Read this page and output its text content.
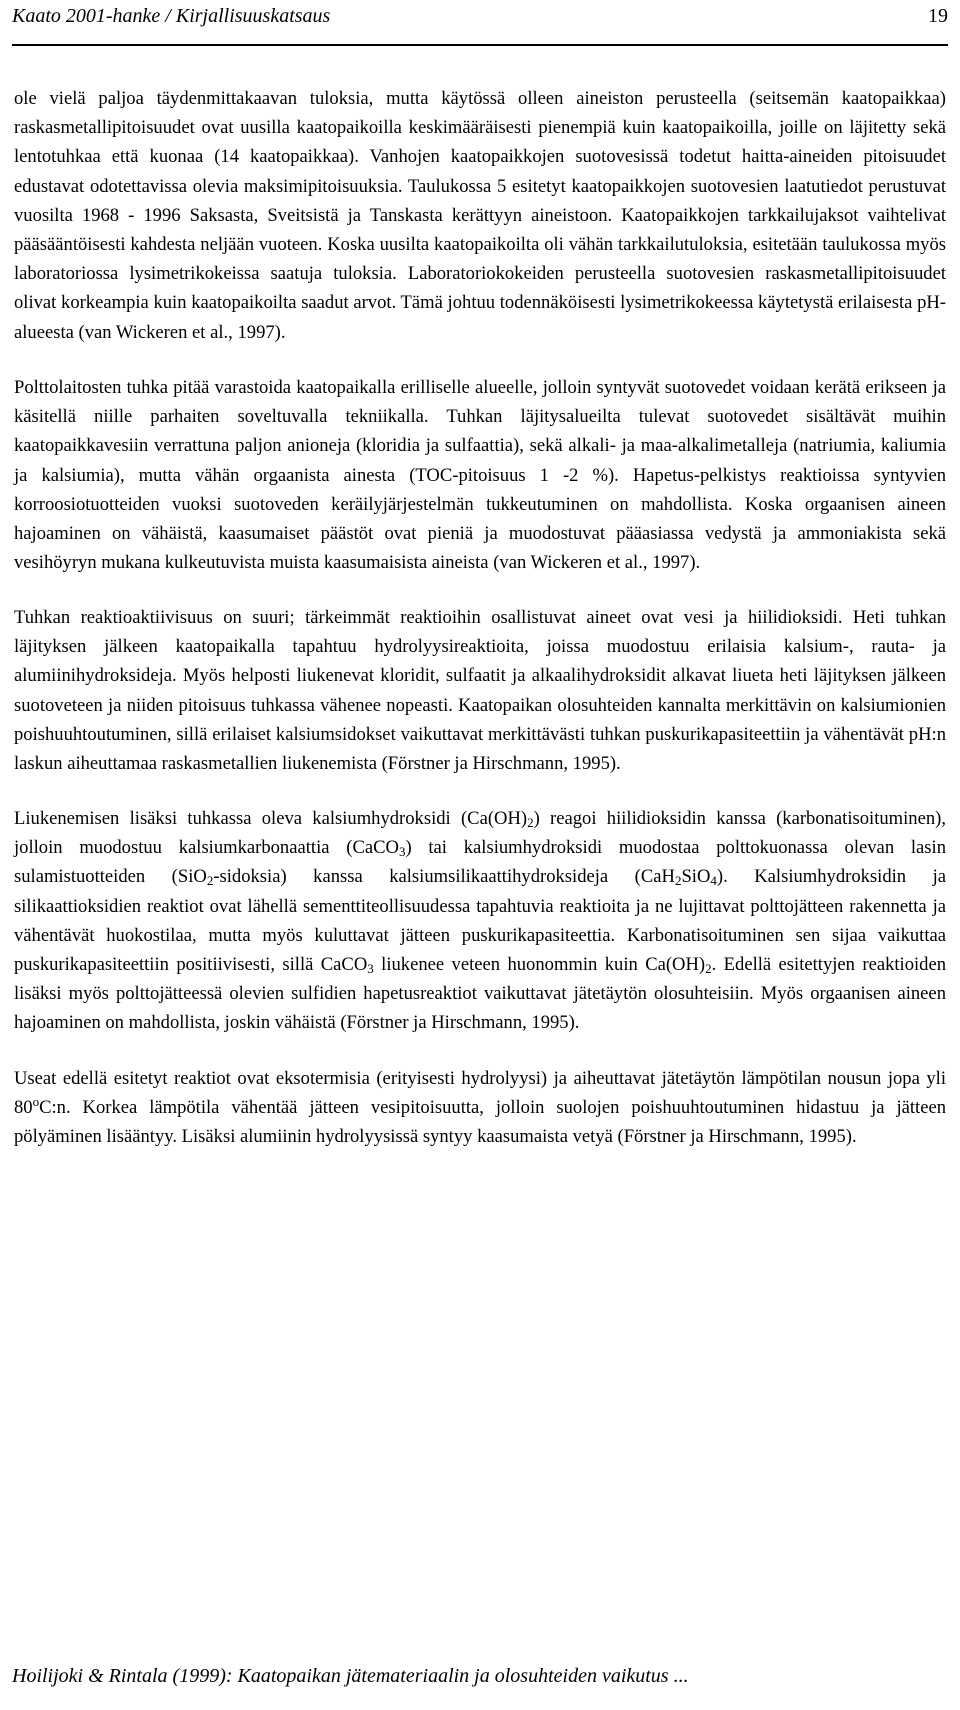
Kaato 2001-hanke / Kirjallisuuskatsaus	19

ole vielä paljoa täydenmittakaavan tuloksia, mutta käytössä olleen aineiston perusteella (seitsemän kaatopaikkaa) raskasmetallipitoisuudet ovat uusilla kaatopaikoilla keskimääräisesti pienempiä kuin kaatopaikoilla, joille on läjitetty sekä lentotuhkaa että kuonaa (14 kaatopaikkaa). Vanhojen kaatopaikkojen suotovesissä todetut haitta-aineiden pitoisuudet edustavat odotettavissa olevia maksimipitoisuuksia. Taulukossa 5 esitetyt kaatopaikkojen suotovesien laatutiedot perustuvat vuosilta 1968 - 1996 Saksasta, Sveitsistä ja Tanskasta kerättyyn aineistoon. Kaatopaikkojen tarkkailujaksot vaihtelivat pääsääntöisesti kahdesta neljään vuoteen. Koska uusilta kaatopaikoilta oli vähän tarkkailutuloksia, esitetään taulukossa myös laboratoriossa lysimetrikokeissa saatuja tuloksia. Laboratoriokokeiden perusteella suotovesien raskasmetallipitoisuudet olivat korkeampia kuin kaatopaikoilta saadut arvot. Tämä johtuu todennäköisesti lysimetrikokeessa käytetystä erilaisesta pH-alueesta (van Wickeren et al., 1997).

Polttolaitosten tuhka pitää varastoida kaatopaikalla erilliselle alueelle, jolloin syntyvät suotovedet voidaan kerätä erikseen ja käsitellä niille parhaiten soveltuvalla tekniikalla. Tuhkan läjitysalueilta tulevat suotovedet sisältävät muihin kaatopaikkavesiin verrattuna paljon anioneja (kloridia ja sulfaattia), sekä alkali- ja maa-alkalimetalleja (natriumia, kaliumia ja kalsiumia), mutta vähän orgaanista ainesta (TOC-pitoisuus 1 -2 %). Hapetus-pelkistys reaktioissa syntyvien korroosiotuotteiden vuoksi suotoveden keräilyjärjestelmän tukkeutuminen on mahdollista. Koska orgaanisen aineen hajoaminen on vähäistä, kaasumaiset päästöt ovat pieniä ja muodostuvat pääasiassa vedystä ja ammoniakista sekä vesihöyryn mukana kulkeutuvista muista kaasumaisista aineista (van Wickeren et al., 1997).

Tuhkan reaktioaktiivisuus on suuri; tärkeimmät reaktioihin osallistuvat aineet ovat vesi ja hiilidioksidi. Heti tuhkan läjityksen jälkeen kaatopaikalla tapahtuu hydrolyysireaktioita, joissa muodostuu erilaisia kalsium-, rauta- ja alumiinihydroksideja. Myös helposti liukenevat kloridit, sulfaatit ja alkaalihydroksidit alkavat liueta heti läjityksen jälkeen suotoveteen ja niiden pitoisuus tuhkassa vähenee nopeasti. Kaatopaikan olosuhteiden kannalta merkittävin on kalsiumionien poishuuhtoutuminen, sillä erilaiset kalsiumsidokset vaikuttavat merkittävästi tuhkan puskurikapasiteettiin ja vähentävät pH:n laskun aiheuttamaa raskasmetallien liukenemista (Förstner ja Hirschmann, 1995).

Liukenemisen lisäksi tuhkassa oleva kalsiumhydroksidi $(Ca(OH)_2)$ reagoi hiilidioksidin kanssa (karbonatisoituminen), jolloin muodostuu kalsiumkarbonaattia (CaCO$_3$) tai kalsiumhydroksidi muodostaa polttokuonassa olevan lasin sulamistuotteiden (SiO$_2$-sidoksia) kanssa kalsiumsilikaattihydroksideja (CaH$_2$SiO$_4$). Kalsiumhydroksidin ja silikaattioksidien reaktiot ovat lähellä sementtiteollisuudessa tapahtuvia reaktioita ja ne lujittavat polttojätteen rakennetta ja vähentävät huokostilaa, mutta myös kuluttavat jätteen puskurikapasiteettia. Karbonatisoituminen sen sijaa vaikuttaa puskurikapasiteettiin positiivisesti, sillä CaCO$_3$ liukenee veteen huonommin kuin $Ca(OH)_2$. Edellä esitettyjen reaktioiden lisäksi myös polttojätteessä olevien sulfidien hapetusreaktiot vaikuttavat jätetäytön olosuhteisiin. Myös orgaanisen aineen hajoaminen on mahdollista, joskin vähäistä (Förstner ja Hirschmann, 1995).

Useat edellä esitetyt reaktiot ovat eksotermisia (erityisesti hydrolyysi) ja aiheuttavat jätetäytön lämpötilan nousun jopa yli 80$^o$C:n. Korkea lämpötila vähentää jätteen vesipitoisuutta, jolloin suolojen poishuuhtoutuminen hidastuu ja jätteen pölyäminen lisääntyy. Lisäksi alumiinin hydrolyysissä syntyy kaasumaista vetyä (Förstner ja Hirschmann, 1995).

Hoilijoki & Rintala (1999): Kaatopaikan jätemateriaalin ja olosuhteiden vaikutus ...
